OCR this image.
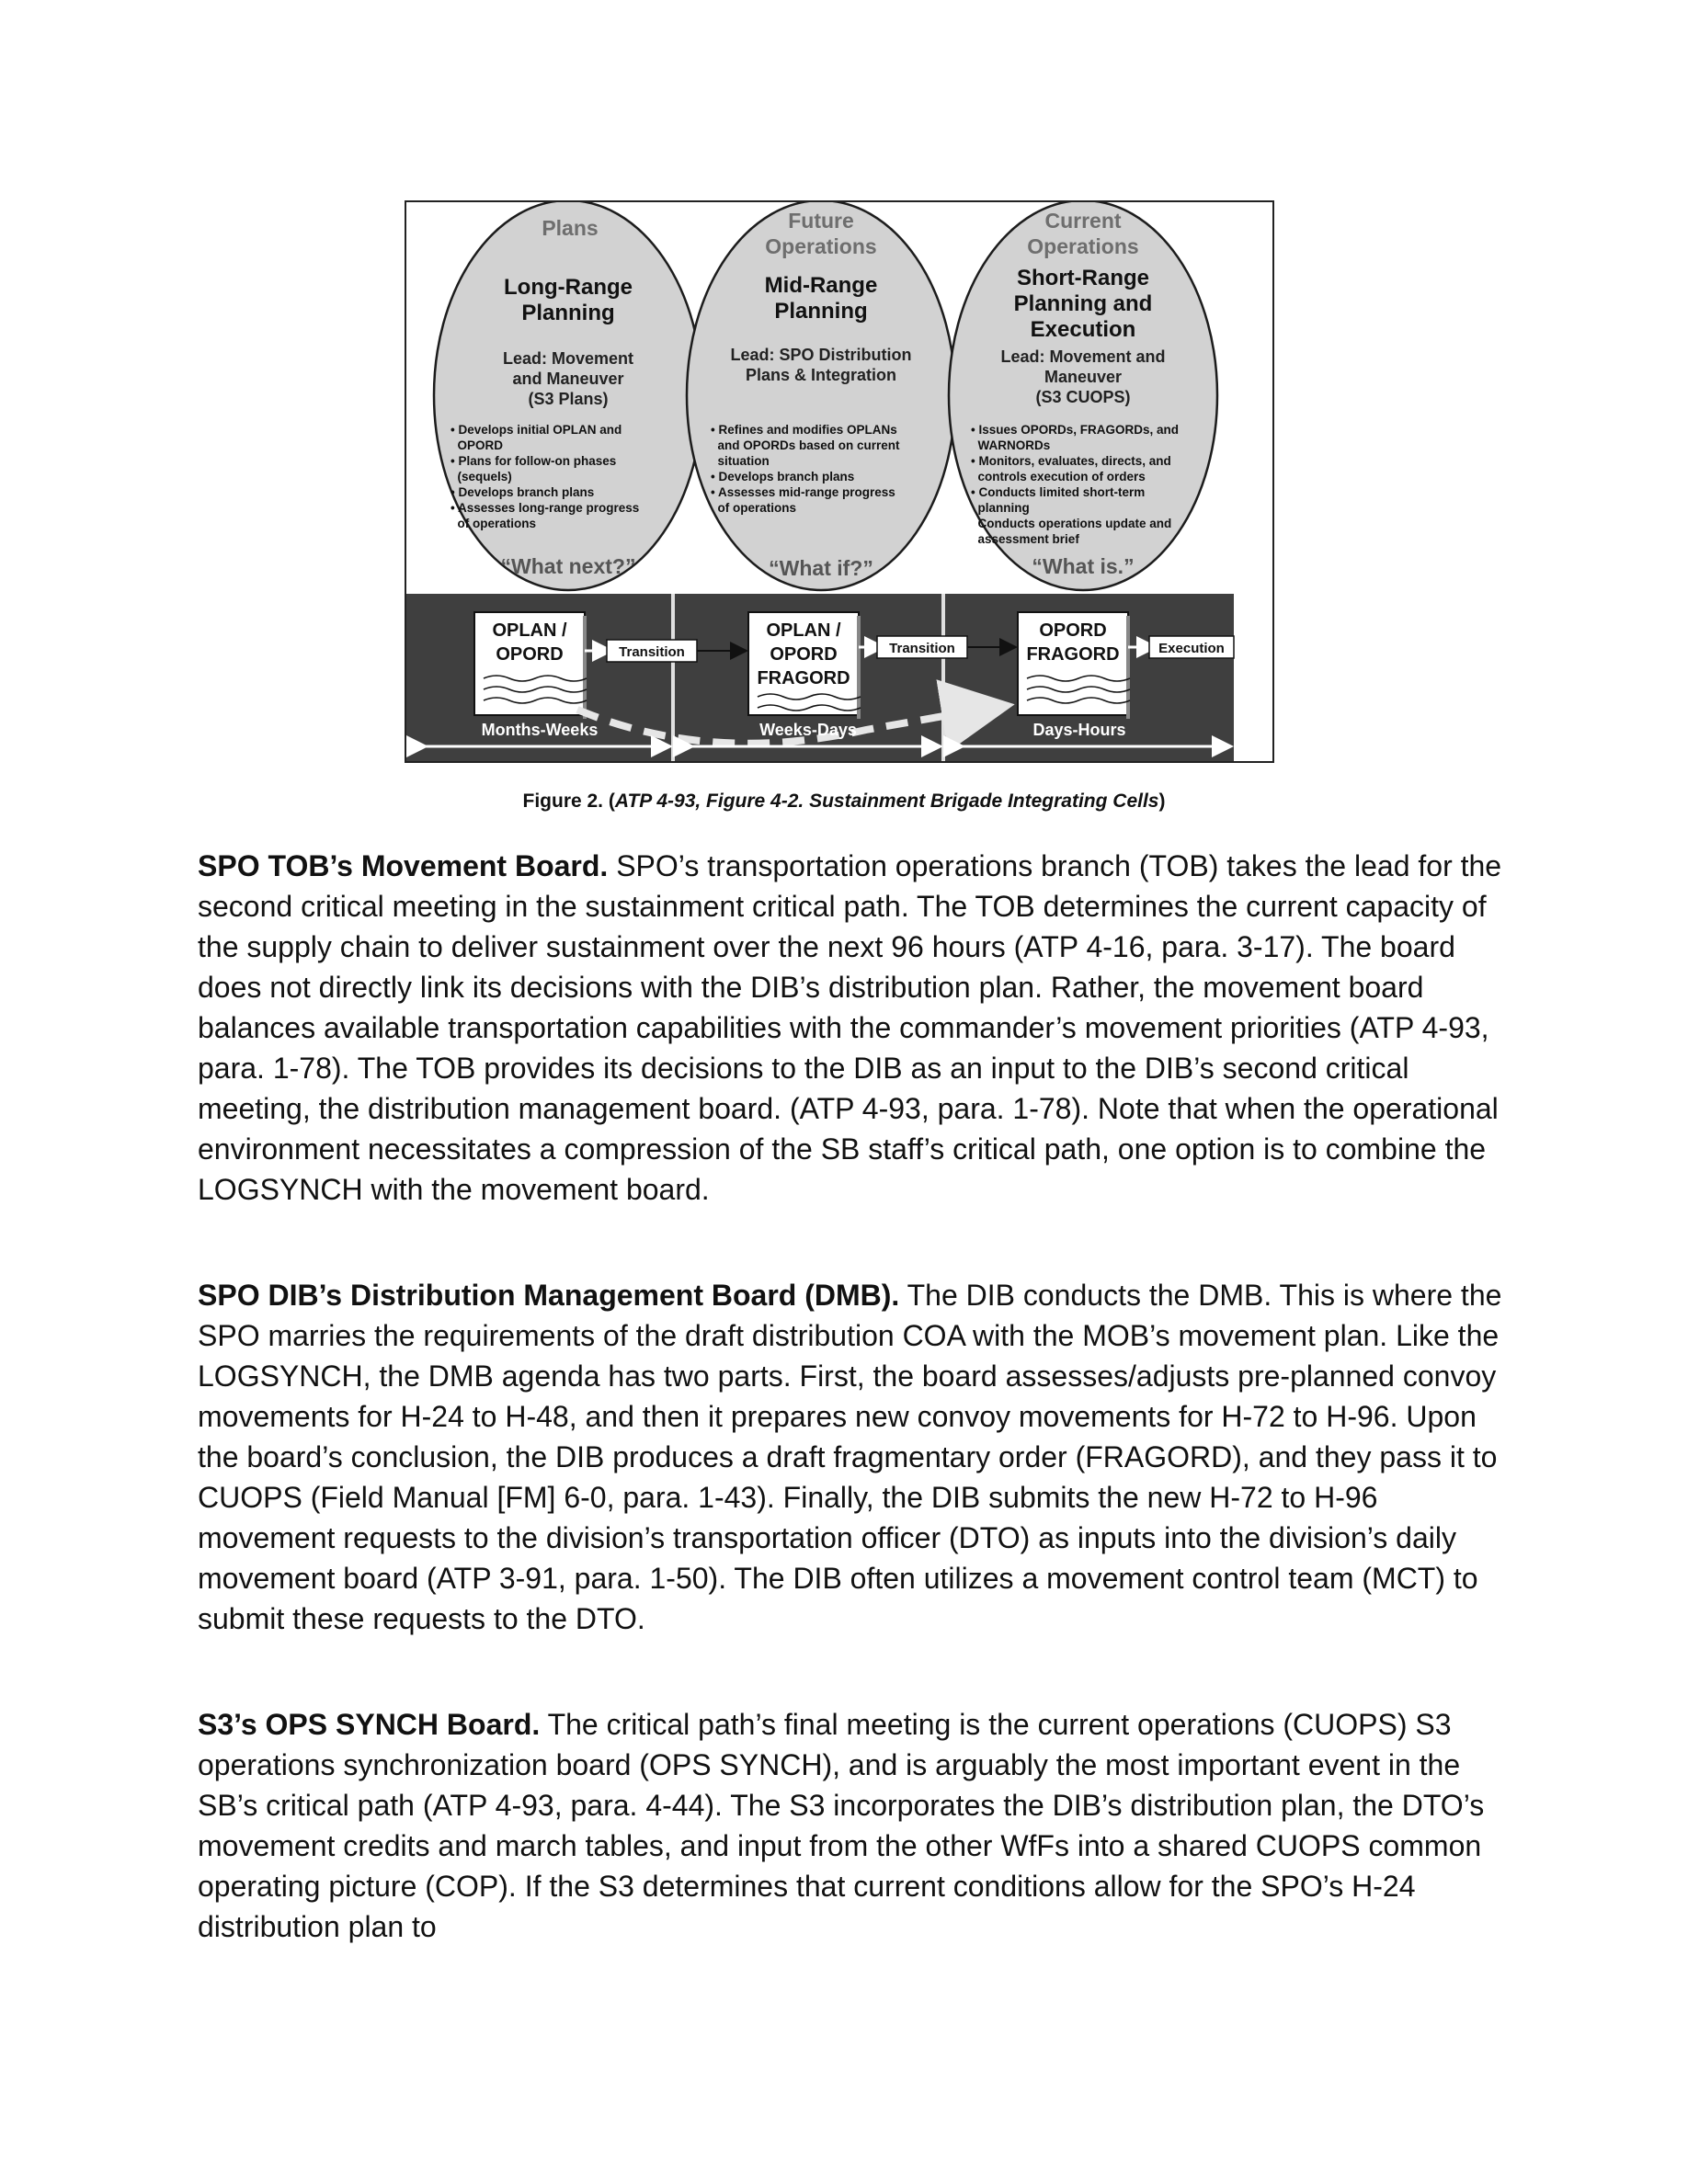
Plans
Long-Range
Planning
Lead: Movement
and Maneuver
(S3 Plans)
• Develops initial OPLAN and
OPORD
• Plans for follow-on phases
(sequels)
• Develops branch plans
• Assesses long-range progress
of operations
“What next?”
Future
Operations
Mid-Range
Planning
Lead: SPO Distribution
Plans & Integration
• Refines and modifies OPLANs
and OPORDs based on current
situation
• Develops branch plans
• Assesses mid-range progress
of operations
“What if?”
Current
Operations
Short-Range
Planning and
Execution
Lead: Movement and
Maneuver
(S3 CUOPS)
• Issues OPORDs, FRAGORDs, and
WARNORDs
• Monitors, evaluates, directs, and
controls execution of orders
• Conducts limited short-term
planning
Conducts operations update and
assessment brief
“What is.”
OPLAN /
OPORD
OPLAN /
OPORD
FRAGORD
OPORD
FRAGORD
Transition	Transition	Execution
Months-Weeks	Weeks-Days	Days-Hours
Figure 2. (ATP 4-93, Figure 4-2. Sustainment Brigade Integrating Cells)

SPO TOB’s Movement Board. SPO’s transportation operations branch (TOB) takes the lead for the second critical meeting in the sustainment critical path. The TOB determines the current capacity of the supply chain to deliver sustainment over the next 96 hours (ATP 4-16, para. 3-17). The board does not directly link its decisions with the DIB’s distribution plan. Rather, the movement board balances available transportation capabilities with the commander’s movement priorities (ATP 4-93, para. 1-78). The TOB provides its decisions to the DIB as an input to the DIB’s second critical meeting, the distribution management board. (ATP 4-93, para. 1-78). Note that when the operational environment necessitates a compression of the SB staff’s critical path, one option is to combine the LOGSYNCH with the movement board.

SPO DIB’s Distribution Management Board (DMB). The DIB conducts the DMB. This is where the SPO marries the requirements of the draft distribution COA with the MOB’s movement plan. Like the LOGSYNCH, the DMB agenda has two parts. First, the board assesses/adjusts pre-planned convoy movements for H-24 to H-48, and then it prepares new convoy movements for H-72 to H-96. Upon the board’s conclusion, the DIB produces a draft fragmentary order (FRAGORD), and they pass it to CUOPS (Field Manual [FM] 6-0, para. 1-43). Finally, the DIB submits the new H-72 to H-96 movement requests to the division’s transportation officer (DTO) as inputs into the division’s daily movement board (ATP 3-91, para. 1-50). The DIB often utilizes a movement control team (MCT) to submit these requests to the DTO.

S3’s OPS SYNCH Board. The critical path’s final meeting is the current operations (CUOPS) S3 operations synchronization board (OPS SYNCH), and is arguably the most important event in the SB’s critical path (ATP 4-93, para. 4-44). The S3 incorporates the DIB’s distribution plan, the DTO’s movement credits and march tables, and input from the other WfFs into a shared CUOPS common operating picture (COP). If the S3 determines that current conditions allow for the SPO’s H-24 distribution plan to
